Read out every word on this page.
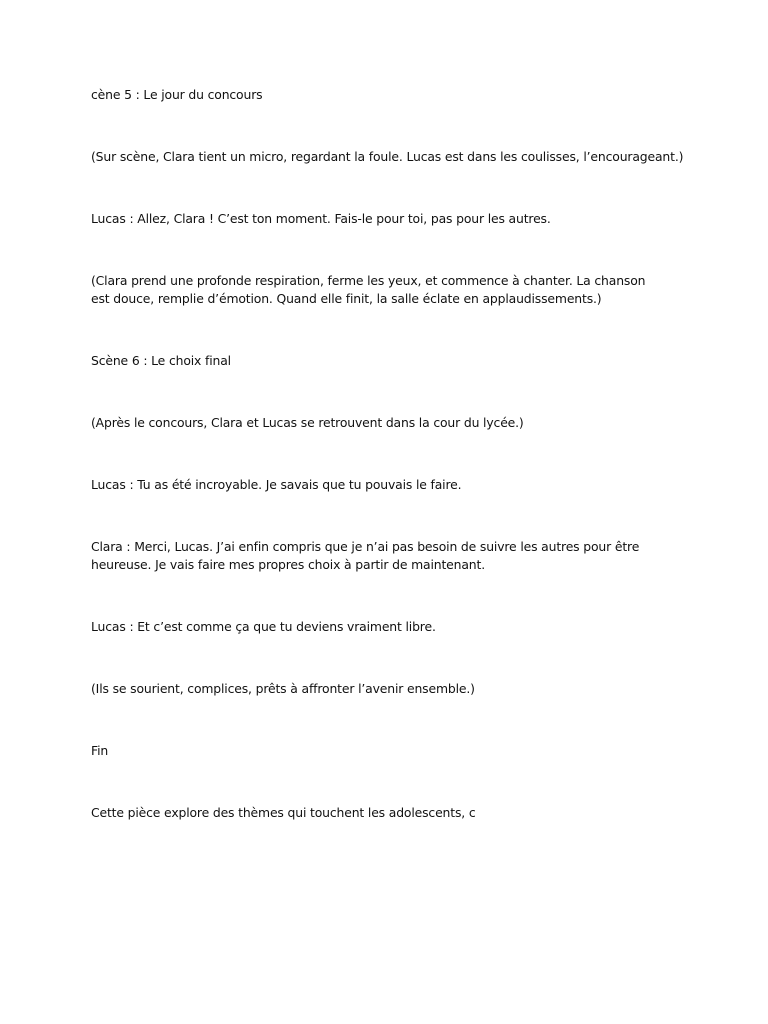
cène 5 : Le jour du concours

(Sur scène, Clara tient un micro, regardant la foule. Lucas est dans les coulisses, l’encourageant.)

Lucas : Allez, Clara ! C’est ton moment. Fais-le pour toi, pas pour les autres.

(Clara prend une profonde respiration, ferme les yeux, et commence à chanter. La chanson est douce, remplie d’émotion. Quand elle finit, la salle éclate en applaudissements.)

Scène 6 : Le choix final

(Après le concours, Clara et Lucas se retrouvent dans la cour du lycée.)

Lucas : Tu as été incroyable. Je savais que tu pouvais le faire.

Clara : Merci, Lucas. J’ai enfin compris que je n’ai pas besoin de suivre les autres pour être heureuse. Je vais faire mes propres choix à partir de maintenant.

Lucas : Et c’est comme ça que tu deviens vraiment libre.

(Ils se sourient, complices, prêts à affronter l’avenir ensemble.)

Fin

Cette pièce explore des thèmes qui touchent les adolescents, c
